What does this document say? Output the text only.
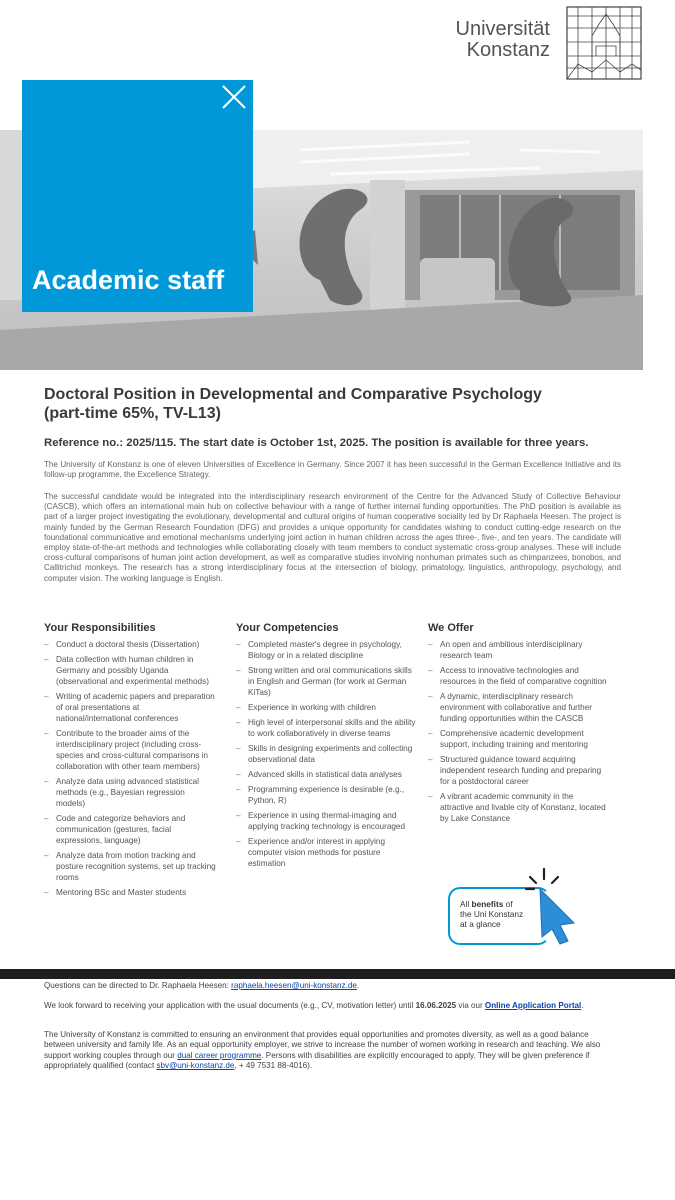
Universität
Konstanz
Academic staff
Doctoral Position in Developmental and Comparative Psychology
(part-time 65%, TV-L13)
Reference no.: 2025/115. The start date is October 1st, 2025. The position is available for three years.
The University of Konstanz is one of eleven Universities of Excellence in Germany. Since 2007 it has been successful in the German Excellence Initiative and its follow-up programme, the Excellence Strategy.
The successful candidate would be integrated into the interdisciplinary research environment of the Centre for the Advanced Study of Collective Behaviour (CASCB), which offers an international main hub on collective behaviour with a range of further internal funding opportunities. The PhD position is available as part of a larger project investigating the evolutionary, developmental and cultural origins of human cooperative sociality led by Dr Raphaela Heesen. The project is mainly funded by the German Research Foundation (DFG) and provides a unique opportunity for candidates wishing to conduct cutting-edge research on the foundational communicative and emotional mechanisms underlying joint action in human children across the ages three-, five-, and ten years. The candidate will employ state-of-the-art methods and technologies while collaborating closely with team members to conduct systematic cross-group analyses. These will include cross-cultural comparisons of human joint action development, as well as comparative studies involving nonhuman primates such as chimpanzees, bonobos, and Callitrichid monkeys. The research has a strong interdisciplinary focus at the intersection of biology, primatology, linguistics, anthropology, psychology, and computer vision. The working language is English.
Your Responsibilities
– Conduct a doctoral thesis (Dissertation)
– Data collection with human children in Germany and possibly Uganda (observational and experimental methods)
– Writing of academic papers and preparation of oral presentations at national/international conferences
– Contribute to the broader aims of the interdisciplinary project (including cross-species and cross-cultural comparisons in collaboration with other team members)
– Analyze data using advanced statistical methods (e.g., Bayesian regression models)
– Code and categorize behaviors and communication (gestures, facial expressions, language)
– Analyze data from motion tracking and posture recognition systems, set up tracking rooms
– Mentoring BSc and Master students
Your Competencies
– Completed master's degree in psychology, Biology or in a related discipline
– Strong written and oral communications skills in English and German (for work at German KiTas)
– Experience in working with children
– High level of interpersonal skills and the ability to work collaboratively in diverse teams
– Skills in designing experiments and collecting observational data
– Advanced skills in statistical data analyses
– Programming experience is desirable (e.g., Python, R)
– Experience in using thermal-imaging and applying tracking technology is encouraged
– Experience and/or interest in applying computer vision methods for posture estimation
We Offer
– An open and ambitious interdisciplinary research team
– Access to innovative technologies and resources in the field of comparative cognition
– A dynamic, interdisciplinary research environment with collaborative and further funding opportunities within the CASCB
– Comprehensive academic development support, including training and mentoring
– Structured guidance toward acquiring independent research funding and preparing for a postdoctoral career
– A vibrant academic community in the attractive and livable city of Konstanz, located by Lake Constance
All benefits of
the Uni Konstanz
at a glance
Questions can be directed to Dr. Raphaela Heesen: raphaela.heesen@uni-konstanz.de.
We look forward to receiving your application with the usual documents (e.g., CV, motivation letter) until 16.06.2025 via our Online Application Portal.
The University of Konstanz is committed to ensuring an environment that provides equal opportunities and promotes diversity, as well as a good balance between university and family life. As an equal opportunity employer, we strive to increase the number of women working in research and teaching. We also support working couples through our dual career programme. Persons with disabilities are explicitly encouraged to apply. They will be given preference if appropriately qualified (contact sbv@uni-konstanz.de, + 49 7531 88-4016).
